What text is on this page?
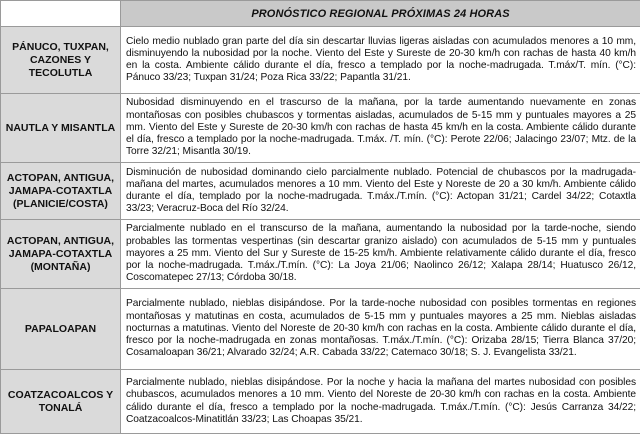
	PRONÓSTICO REGIONAL PRÓXIMAS 24 HORAS
PÁNUCO, TUXPAN, CAZONES Y TECOLUTLA	Cielo medio nublado gran parte del día sin descartar lluvias ligeras aisladas con acumulados menores a 10 mm, disminuyendo la nubosidad por la noche. Viento del Este y Sureste de 20-30 km/h con rachas de hasta 40 km/h en la costa. Ambiente cálido durante el día, fresco a templado por la noche-madrugada. T.máx/T. mín. (°C): Pánuco 33/23; Tuxpan 31/24; Poza Rica 33/22; Papantla 31/21.
NAUTLA Y MISANTLA	Nubosidad disminuyendo en el trascurso de la mañana, por la tarde aumentando nuevamente en zonas montañosas con posibles chubascos y tormentas aisladas, acumulados de 5-15 mm y puntuales mayores a 25 mm. Viento del Este y Sureste de 20-30 km/h con rachas de hasta 45 km/h en la costa. Ambiente cálido durante el día, fresco a templado por la noche-madrugada. T.máx. /T. mín. (°C): Perote 22/06; Jalacingo 23/07; Mtz. de la Torre 32/21; Misantla 30/19.
ACTOPAN, ANTIGUA, JAMAPA-COTAXTLA (PLANICIE/COSTA)	Disminución de nubosidad dominando cielo parcialmente nublado. Potencial de chubascos por la madrugada-mañana del martes, acumulados menores a 10 mm. Viento del Este y Noreste de 20 a 30 km/h. Ambiente cálido durante el día, templado por la noche-madrugada. T.máx./T.mín. (°C): Actopan 31/21; Cardel 34/22; Cotaxtla 33/23; Veracruz-Boca del Río 32/24.
ACTOPAN, ANTIGUA, JAMAPA-COTAXTLA (MONTAÑA)	Parcialmente nublado en el transcurso de la mañana, aumentando la nubosidad por la tarde-noche, siendo probables las tormentas vespertinas (sin descartar granizo aislado) con acumulados de 5-15 mm y puntuales mayores a 25 mm. Viento del Sur y Sureste de 15-25 km/h. Ambiente relativamente cálido durante el día, fresco por la noche-madrugada. T.máx./T.mín. (°C): La Joya 21/06; Naolinco 26/12; Xalapa 28/14; Huatusco 26/12, Coscomatepec 27/13; Córdoba 30/18.
PAPALOAPAN	Parcialmente nublado, nieblas disipándose. Por la tarde-noche nubosidad con posibles tormentas en regiones montañosas y matutinas en costa, acumulados de 5-15 mm y puntuales mayores a 25 mm. Nieblas aisladas nocturnas a matutinas. Viento del Noreste de 20-30 km/h con rachas en la costa. Ambiente cálido durante el día, fresco por la noche-madrugada en zonas montañosas. T.máx./T.mín. (°C): Orizaba 28/15; Tierra Blanca 37/20; Cosamaloapan 36/21; Alvarado 32/24; A.R. Cabada 33/22; Catemaco 30/18; S. J. Evangelista 33/21.
COATZACOALCOS Y TONALÁ	Parcialmente nublado, nieblas disipándose. Por la noche y hacia la mañana del martes nubosidad con posibles chubascos, acumulados menores a 10 mm. Viento del Noreste de 20-30 km/h con rachas en la costa. Ambiente cálido durante el día, fresco a templado por la noche-madrugada. T.máx./T.mín. (°C): Jesús Carranza 34/22; Coatzacoalcos-Minatitlán 33/23; Las Choapas 35/21.
